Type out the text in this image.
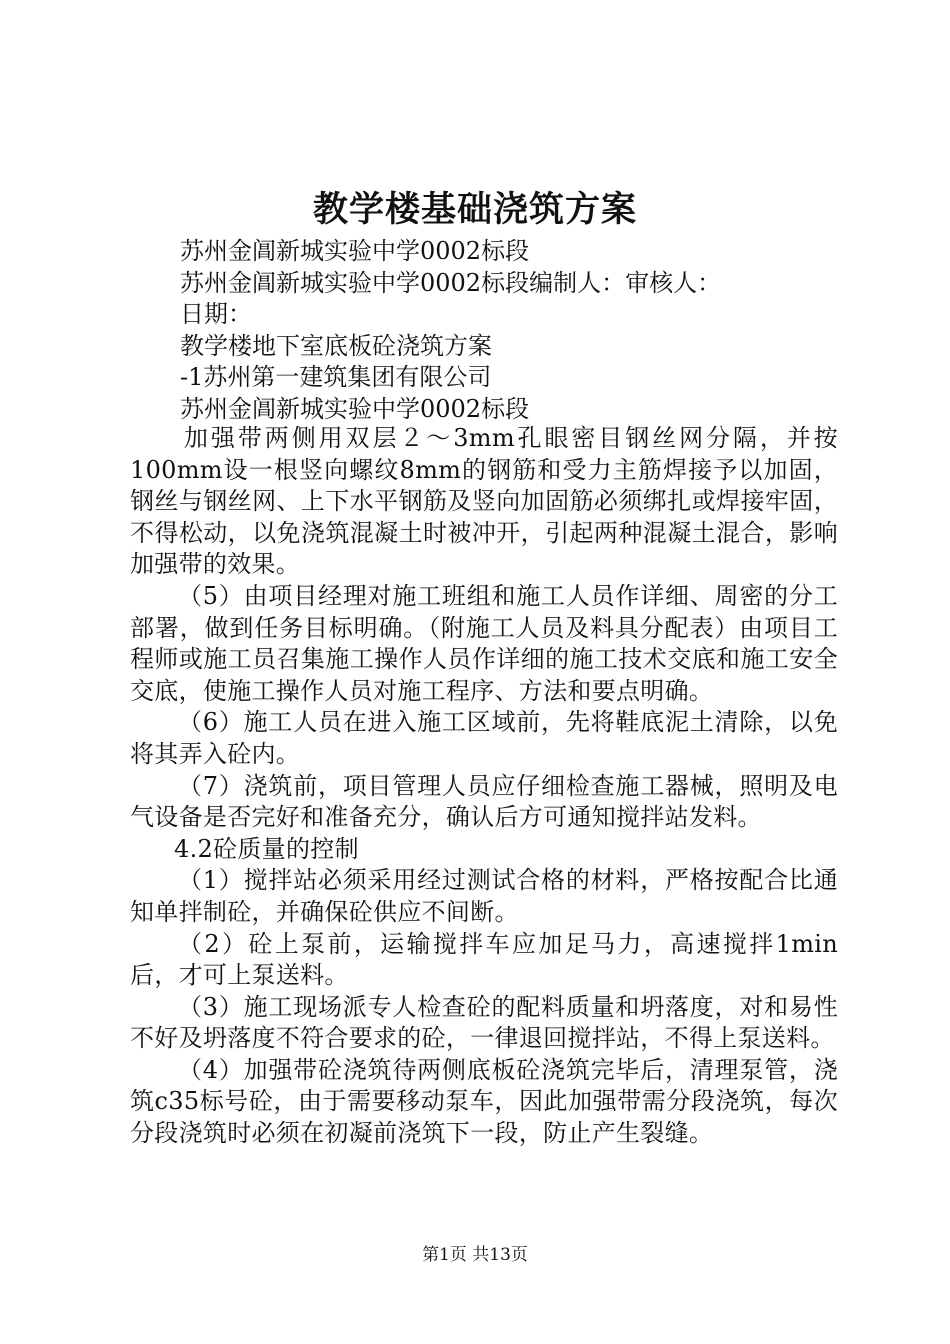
教学楼基础浇筑方案
苏州金阊新城实验中学0002标段
苏州金阊新城实验中学0002标段编制人：审核人：
日期：
教学楼地下室底板砼浇筑方案
-1苏州第一建筑集团有限公司
苏州金阊新城实验中学0002标段

加强带两侧用双层２～3mm孔眼密目钢丝网分隔，并按100mm设一根竖向螺纹8mm的钢筋和受力主筋焊接予以加固，钢丝与钢丝网、上下水平钢筋及竖向加固筋必须绑扎或焊接牢固，不得松动，以免浇筑混凝土时被冲开，引起两种混凝土混合，影响加强带的效果。

（5）由项目经理对施工班组和施工人员作详细、周密的分工部署，做到任务目标明确。（附施工人员及料具分配表）由项目工程师或施工员召集施工操作人员作详细的施工技术交底和施工安全交底，使施工操作人员对施工程序、方法和要点明确。

（6）施工人员在进入施工区域前，先将鞋底泥土清除，以免将其弄入砼内。

（7）浇筑前，项目管理人员应仔细检查施工器械，照明及电气设备是否完好和准备充分，确认后方可通知搅拌站发料。

4.2砼质量的控制

（1）搅拌站必须采用经过测试合格的材料，严格按配合比通知单拌制砼，并确保砼供应不间断。

（2）砼上泵前，运输搅拌车应加足马力，高速搅拌1min后，才可上泵送料。

（3）施工现场派专人检查砼的配料质量和坍落度，对和易性不好及坍落度不符合要求的砼，一律退回搅拌站，不得上泵送料。

（4）加强带砼浇筑待两侧底板砼浇筑完毕后，清理泵管，浇筑c35标号砼，由于需要移动泵车，因此加强带需分段浇筑，每次分段浇筑时必须在初凝前浇筑下一段，防止产生裂缝。

第1页 共13页
